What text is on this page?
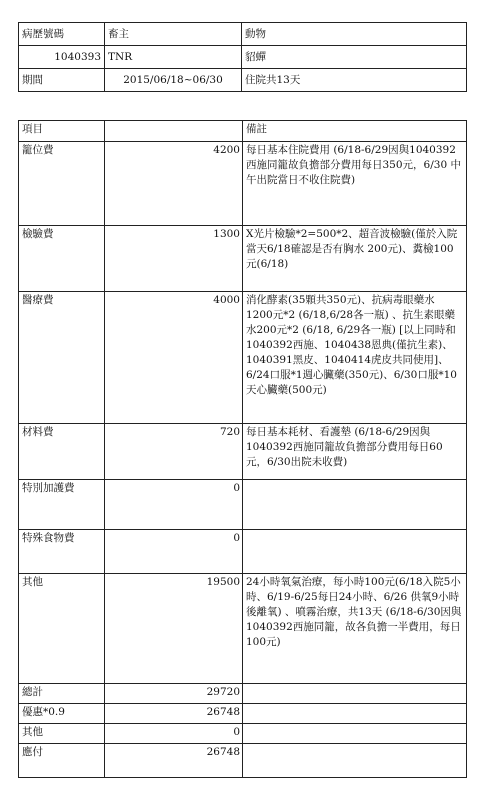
病歷號碼	畜主	動物
1040393	TNR	貂蟬
期間	2015/06/18~06/30	住院共13天
項目		備註
籠位費	4200	每日基本住院費用 (6/18-6/29因與1040392西施同籠故負擔部分費用每日350元，6/30 中午出院當日不收住院費)
檢驗費	1300	X光片檢驗*2=500*2、超音波檢驗(僅於入院當天6/18確認是否有胸水 200元)、糞檢100元(6/18)
醫療費	4000	消化酵素(35顆共350元)、抗病毒眼藥水 1200元*2 (6/18,6/28各一瓶) 、抗生素眼藥水200元*2 (6/18, 6/29各一瓶) [以上同時和1040392西施、1040438恩典(僅抗生素)、1040391黑皮、1040414虎皮共同使用]、6/24口服*1週心臟藥(350元)、6/30口服*10天心臟藥(500元)
材料費	720	每日基本耗材、看護墊 (6/18-6/29因與1040392西施同籠故負擔部分費用每日60元，6/30出院未收費)
特別加護費	0	
特殊食物費	0	
其他	19500	24小時氧氣治療，每小時100元(6/18入院5小時、6/19-6/25每日24小時、6/26 供氧9小時後離氧) 、噴霧治療，共13天 (6/18-6/30因與1040392西施同籠，故各負擔一半費用，每日100元)
總計	29720	
優惠*0.9	26748	
其他	0	
應付	26748	
